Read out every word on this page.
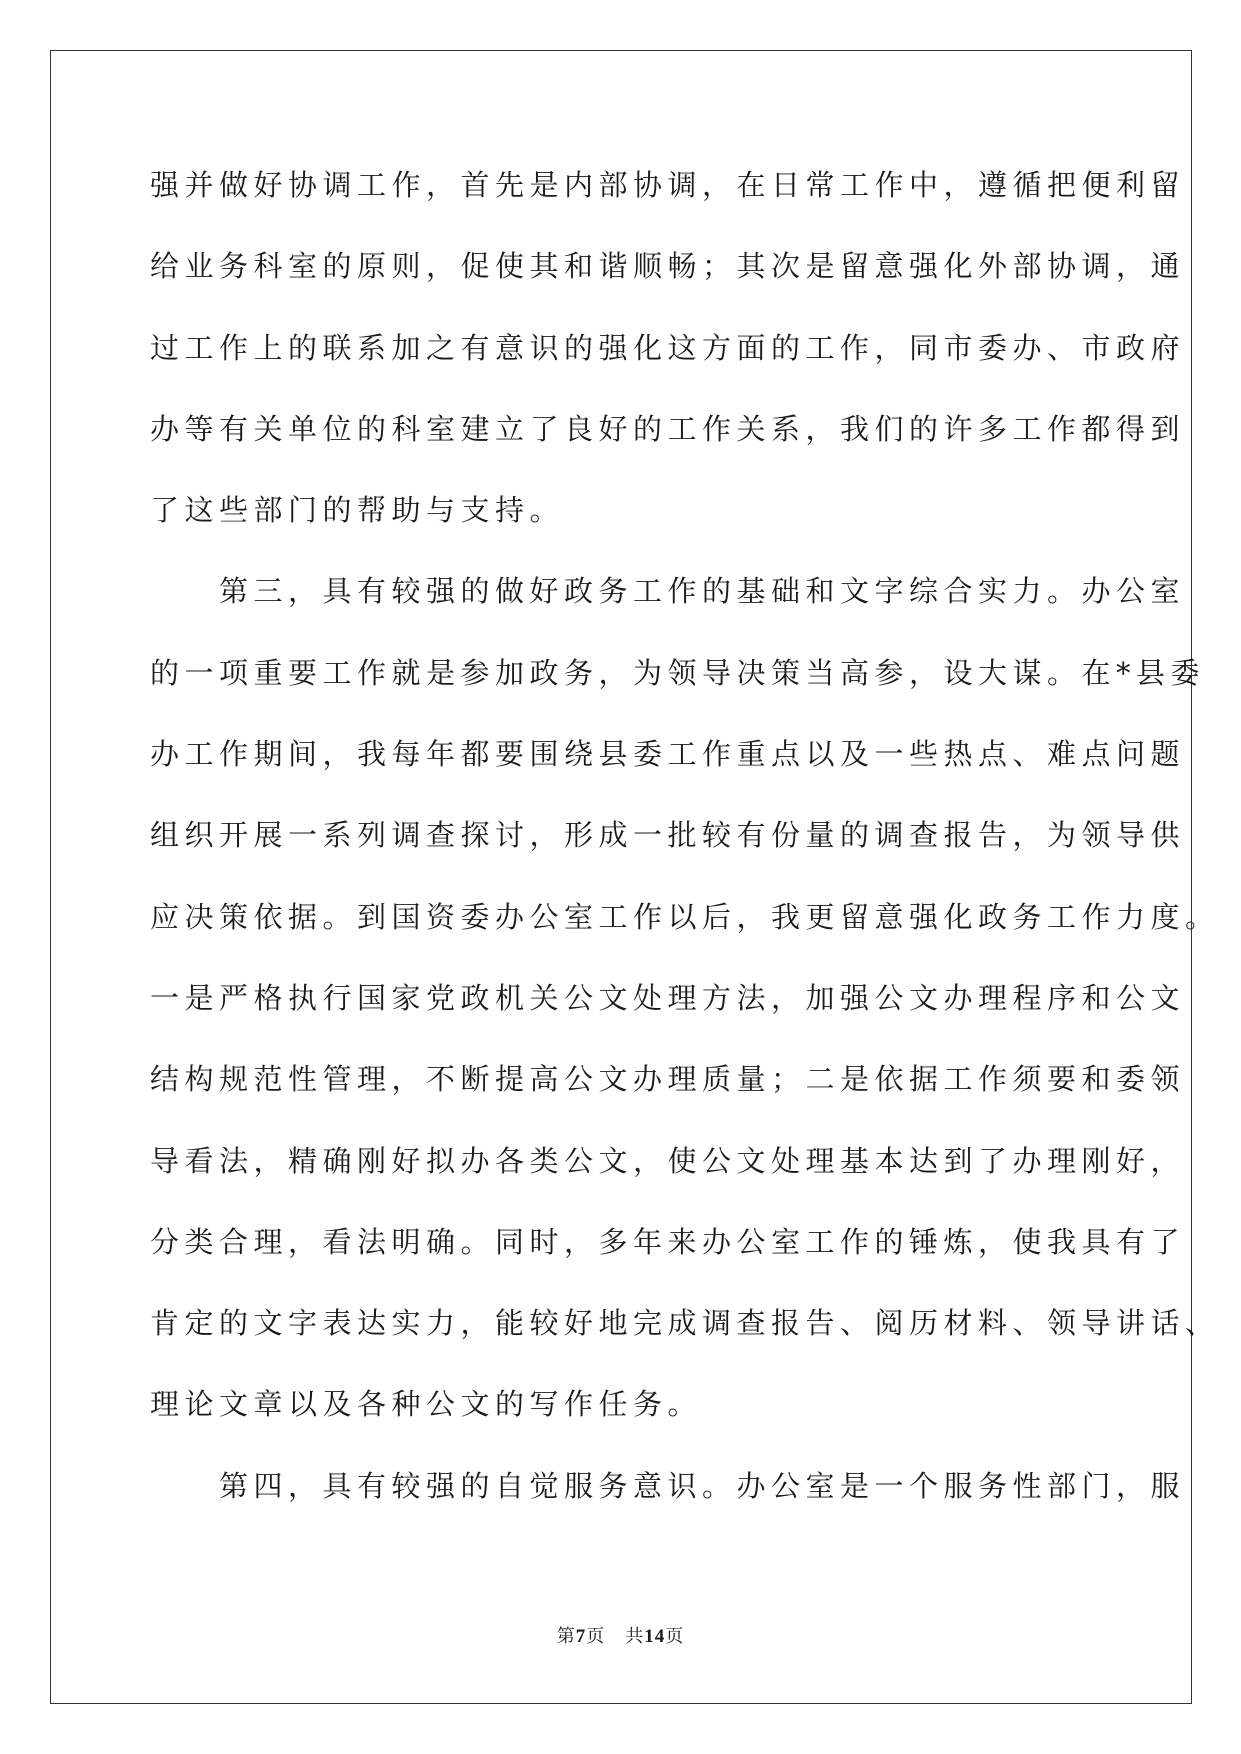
强并做好协调工作，首先是内部协调，在日常工作中，遵循把便利留
给业务科室的原则，促使其和谐顺畅；其次是留意强化外部协调，通
过工作上的联系加之有意识的强化这方面的工作，同市委办、市政府
办等有关单位的科室建立了良好的工作关系，我们的许多工作都得到
了这些部门的帮助与支持。
　　第三，具有较强的做好政务工作的基础和文字综合实力。办公室
的一项重要工作就是参加政务，为领导决策当高参，设大谋。在*县委
办工作期间，我每年都要围绕县委工作重点以及一些热点、难点问题
组织开展一系列调查探讨，形成一批较有份量的调查报告，为领导供
应决策依据。到国资委办公室工作以后，我更留意强化政务工作力度。
一是严格执行国家党政机关公文处理方法，加强公文办理程序和公文
结构规范性管理，不断提高公文办理质量；二是依据工作须要和委领
导看法，精确刚好拟办各类公文，使公文处理基本达到了办理刚好，
分类合理，看法明确。同时，多年来办公室工作的锤炼，使我具有了
肯定的文字表达实力，能较好地完成调查报告、阅历材料、领导讲话、
理论文章以及各种公文的写作任务。
　　第四，具有较强的自觉服务意识。办公室是一个服务性部门，服
第7页 共14页
